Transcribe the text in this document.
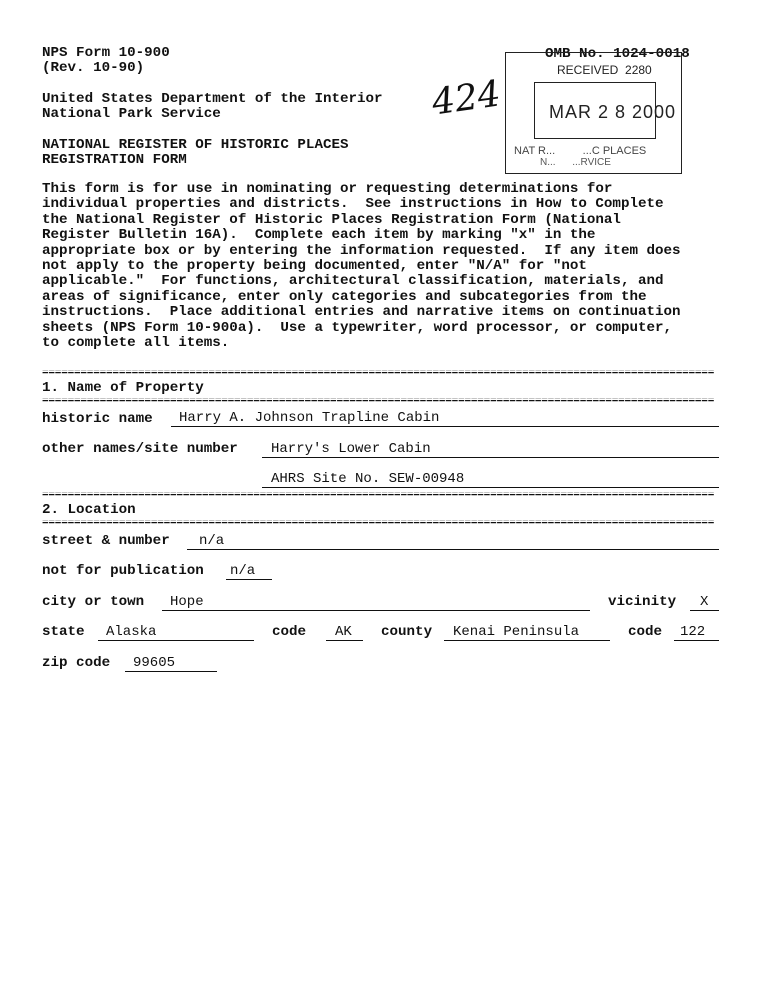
NPS Form 10-900
(Rev. 10-90)
OMB No. 1024-0018
United States Department of the Interior
National Park Service
NATIONAL REGISTER OF HISTORIC PLACES
REGISTRATION FORM
424
RECEIVED  2280
MAR 2 8 2000
NAT R...         ...C PLACES
N...      ...RVICE
This form is for use in nominating or requesting determinations for
individual properties and districts.  See instructions in How to Complete
the National Register of Historic Places Registration Form (National
Register Bulletin 16A).  Complete each item by marking "x" in the
appropriate box or by entering the information requested.  If any item does
not apply to the property being documented, enter "N/A" for "not
applicable."  For functions, architectural classification, materials, and
areas of significance, enter only categories and subcategories from the
instructions.  Place additional entries and narrative items on continuation
sheets (NPS Form 10-900a).  Use a typewriter, word processor, or computer,
to complete all items.
=========================================================================================================
1. Name of Property
=========================================================================================================
historic name Harry A. Johnson Trapline Cabin
other names/site number Harry's Lower Cabin
AHRS Site No. SEW-00948
=========================================================================================================
2. Location
=========================================================================================================
street & number n/a
not for publication n/a
city or town Hope	vicinity X
state Alaska	code AK county Kenai Peninsula	code 122
zip code 99605
